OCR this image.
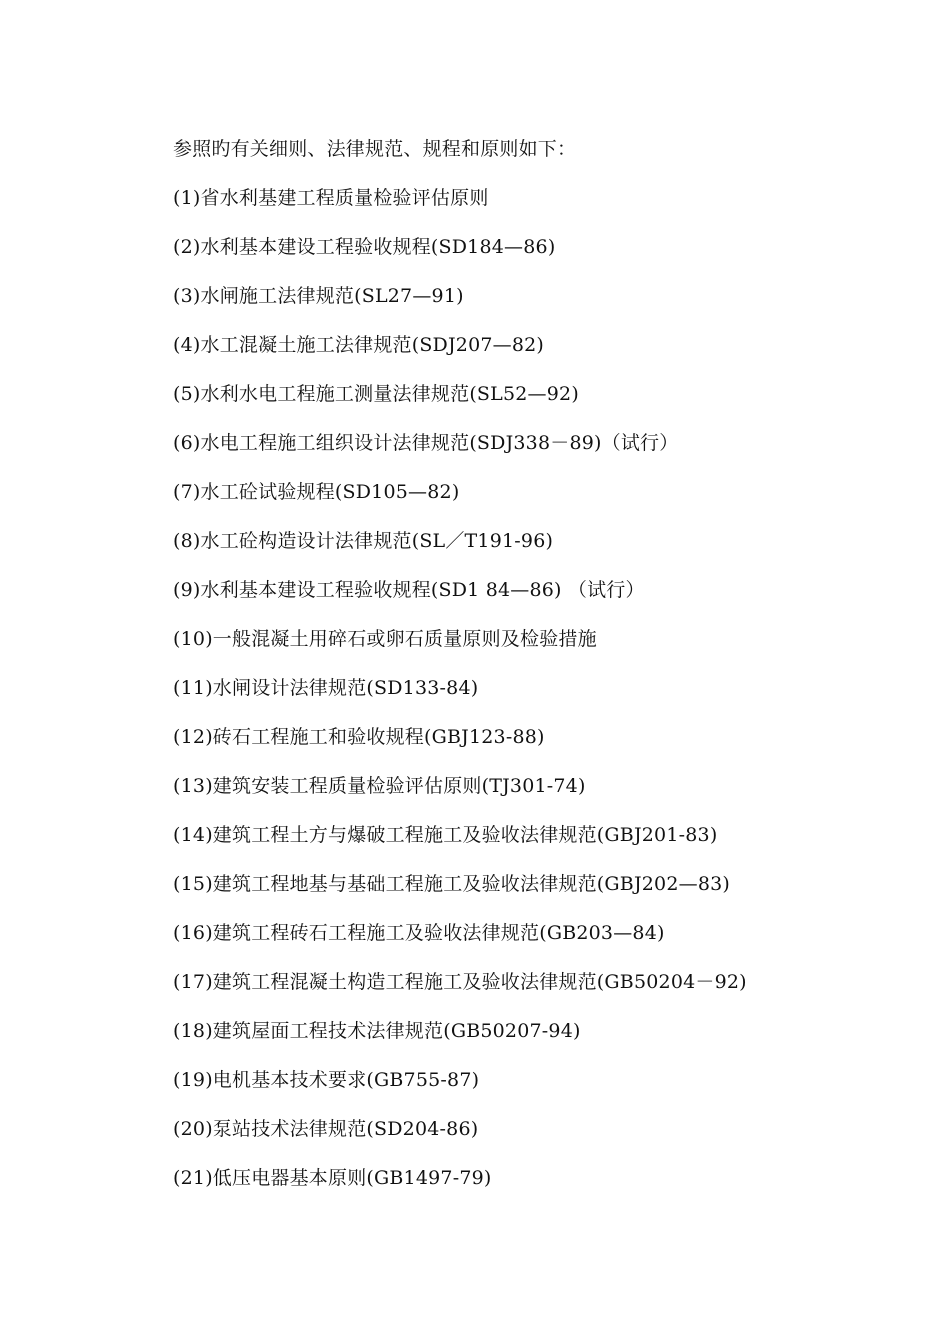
参照旳有关细则、法律规范、规程和原则如下：
(1)省水利基建工程质量检验评估原则
(2)水利基本建设工程验收规程(SD184—86)
(3)水闸施工法律规范(SL27—91)
(4)水工混凝土施工法律规范(SDJ207—82)
(5)水利水电工程施工测量法律规范(SL52—92)
(6)水电工程施工组织设计法律规范(SDJ338－89)（试行）
(7)水工砼试验规程(SD105—82)
(8)水工砼构造设计法律规范(SL／T191-96)
(9)水利基本建设工程验收规程(SD1 84—86) （试行）
(10)一般混凝土用碎石或卵石质量原则及检验措施
(11)水闸设计法律规范(SD133-84)
(12)砖石工程施工和验收规程(GBJ123-88)
(13)建筑安装工程质量检验评估原则(TJ301-74)
(14)建筑工程土方与爆破工程施工及验收法律规范(GBJ201-83)
(15)建筑工程地基与基础工程施工及验收法律规范(GBJ202—83)
(16)建筑工程砖石工程施工及验收法律规范(GB203—84)
(17)建筑工程混凝土构造工程施工及验收法律规范(GB50204－92)
(18)建筑屋面工程技术法律规范(GB50207-94)
(19)电机基本技术要求(GB755-87)
(20)泵站技术法律规范(SD204-86)
(21)低压电器基本原则(GB1497-79)
